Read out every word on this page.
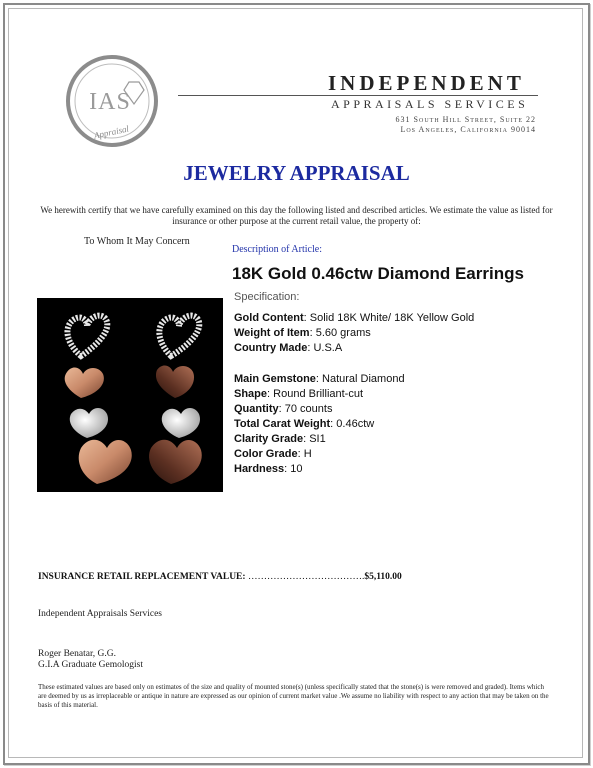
IAS
Appraisal
INDEPENDENT
APPRAISALS SERVICES
631 South Hill Street, Suite 22
Los Angeles, California 90014
JEWELRY APPRAISAL
We herewith certify that we have carefully examined on this day the following listed and described articles. We estimate the value as listed for insurance or other purpose at the current retail value, the property of:
To Whom It May Concern
Description of Article:
18K Gold 0.46ctw Diamond Earrings
Specification:
Gold Content: Solid 18K White/ 18K Yellow Gold
Weight of Item: 5.60 grams
Country Made: U.S.A
Main Gemstone: Natural Diamond
Shape: Round Brilliant-cut
Quantity: 70 counts
Total Carat Weight: 0.46ctw
Clarity Grade: SI1
Color Grade: H
Hardness: 10
INSURANCE RETAIL REPLACEMENT VALUE: ……………………………….$5,110.00
Independent Appraisals Services
Roger Benatar, G.G.
G.I.A Graduate Gemologist
These estimated values are based only on estimates of the size and quality of mounted stone(s) (unless specifically stated that the stone(s) is were removed and graded). Items which are deemed by us as irreplaceable or antique in nature are expressed as our opinion of current market value .We assume no liability with respect to any action that may be taken on the basis of this material.
